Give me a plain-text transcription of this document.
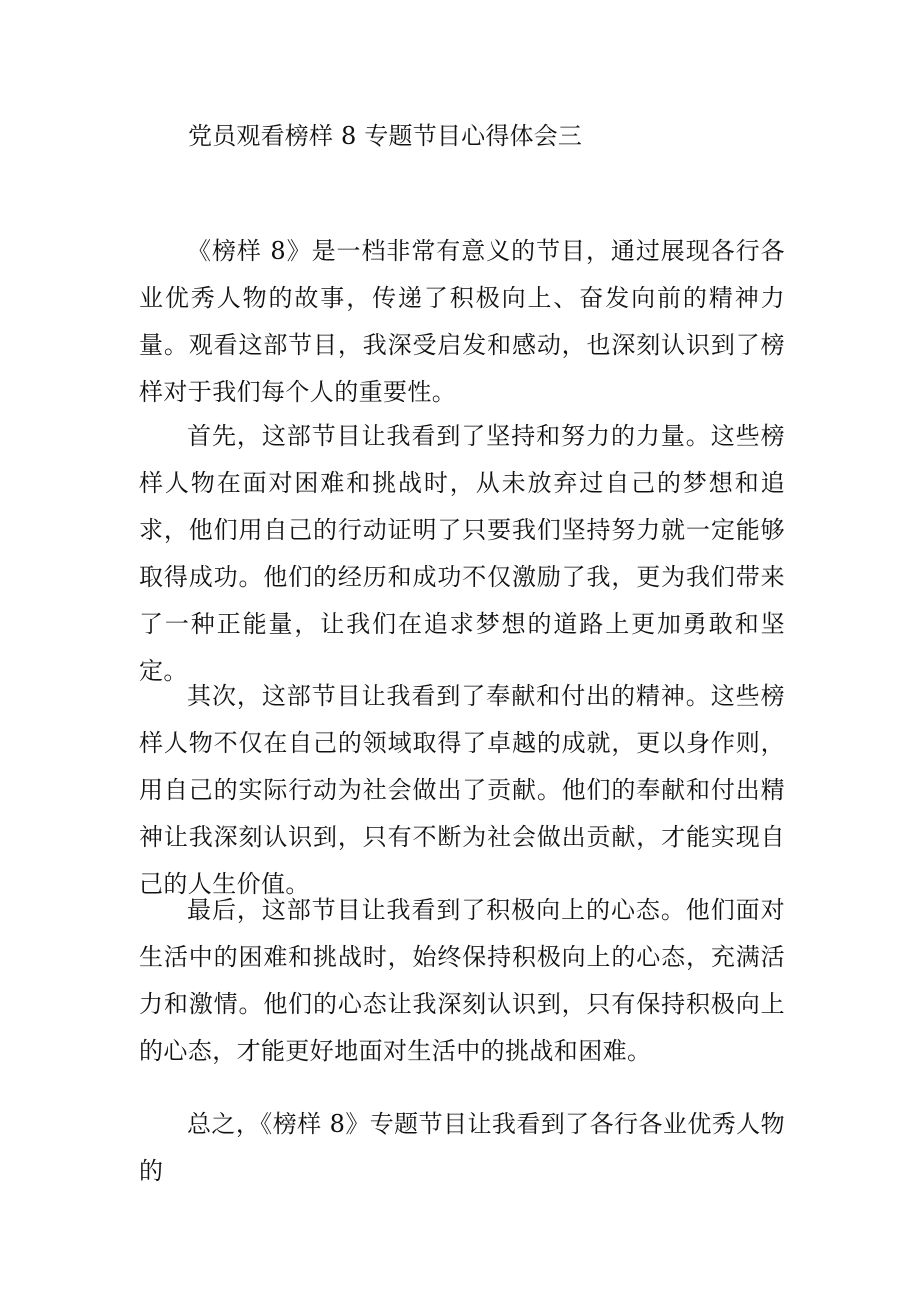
党员观看榜样 8 专题节目心得体会三

《榜样 8》是一档非常有意义的节目，通过展现各行各业优秀人物的故事，传递了积极向上、奋发向前的精神力量。观看这部节目，我深受启发和感动，也深刻认识到了榜样对于我们每个人的重要性。

首先，这部节目让我看到了坚持和努力的力量。这些榜样人物在面对困难和挑战时，从未放弃过自己的梦想和追求，他们用自己的行动证明了只要我们坚持努力就一定能够取得成功。他们的经历和成功不仅激励了我，更为我们带来了一种正能量，让我们在追求梦想的道路上更加勇敢和坚定。

其次，这部节目让我看到了奉献和付出的精神。这些榜样人物不仅在自己的领域取得了卓越的成就，更以身作则，用自己的实际行动为社会做出了贡献。他们的奉献和付出精神让我深刻认识到，只有不断为社会做出贡献，才能实现自己的人生价值。

最后，这部节目让我看到了积极向上的心态。他们面对生活中的困难和挑战时，始终保持积极向上的心态，充满活力和激情。他们的心态让我深刻认识到，只有保持积极向上的心态，才能更好地面对生活中的挑战和困难。

总之，《榜样 8》专题节目让我看到了各行各业优秀人物的
